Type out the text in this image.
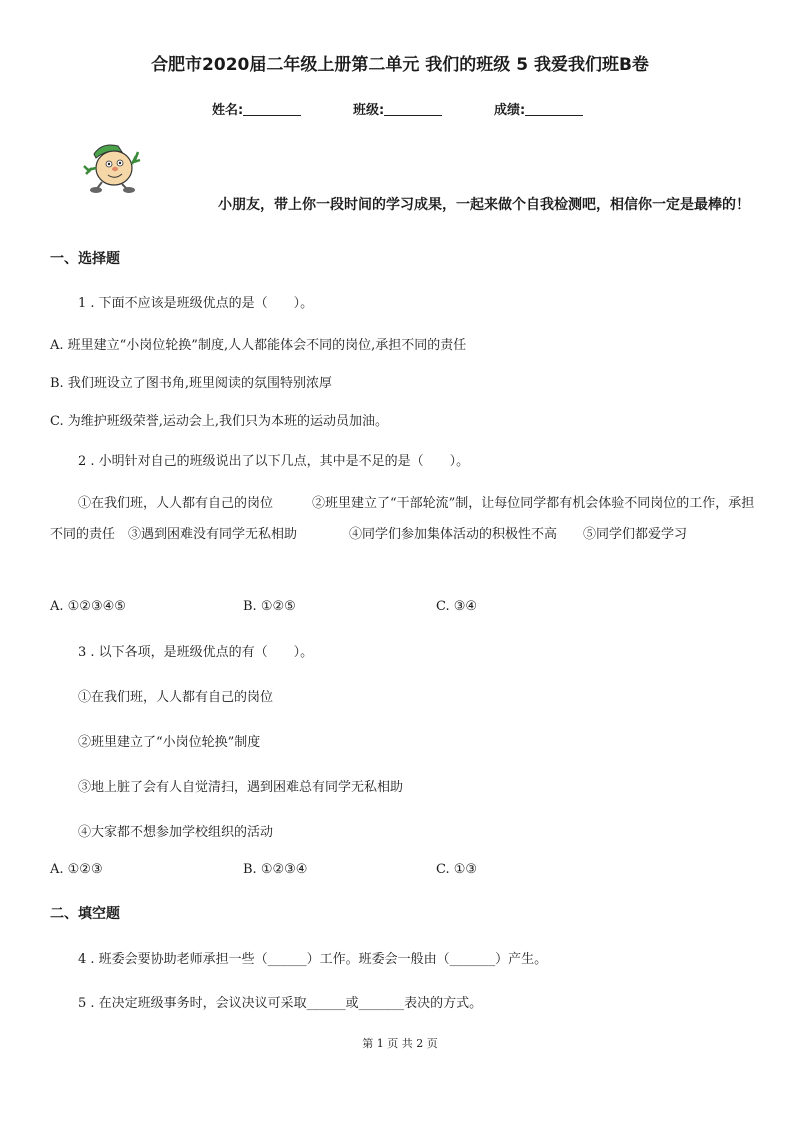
合肥市2020届二年级上册第二单元 我们的班级 5 我爱我们班B卷
姓名:	班级:	成绩:
小朋友，带上你一段时间的学习成果，一起来做个自我检测吧，相信你一定是最棒的！
一、选择题
1 . 下面不应该是班级优点的是（　　）。
A. 班里建立“小岗位轮换”制度,人人都能体会不同的岗位,承担不同的责任
B. 我们班设立了图书角,班里阅读的氛围特别浓厚
C. 为维护班级荣誉,运动会上,我们只为本班的运动员加油。
2 . 小明针对自己的班级说出了以下几点，其中是不足的是（　　）。
①在我们班，人人都有自己的岗位　　　②班里建立了“干部轮流”制，让每位同学都有机会体验不同岗位的工作，承担不同的责任　③遇到困难没有同学无私相助　　　　④同学们参加集体活动的积极性不高　　⑤同学们都爱学习
A. ①②③④⑤	B. ①②⑤	C. ③④
3 . 以下各项，是班级优点的有（　　）。
①在我们班，人人都有自己的岗位
②班里建立了“小岗位轮换”制度
③地上脏了会有人自觉清扫，遇到困难总有同学无私相助
④大家都不想参加学校组织的活动
A. ①②③	B. ①②③④	C. ①③
二、填空题
4 . 班委会要协助老师承担一些（______）工作。班委会一般由（_______）产生。
5 . 在决定班级事务时，会议决议可采取______或_______表决的方式。
第 1 页 共 2 页
